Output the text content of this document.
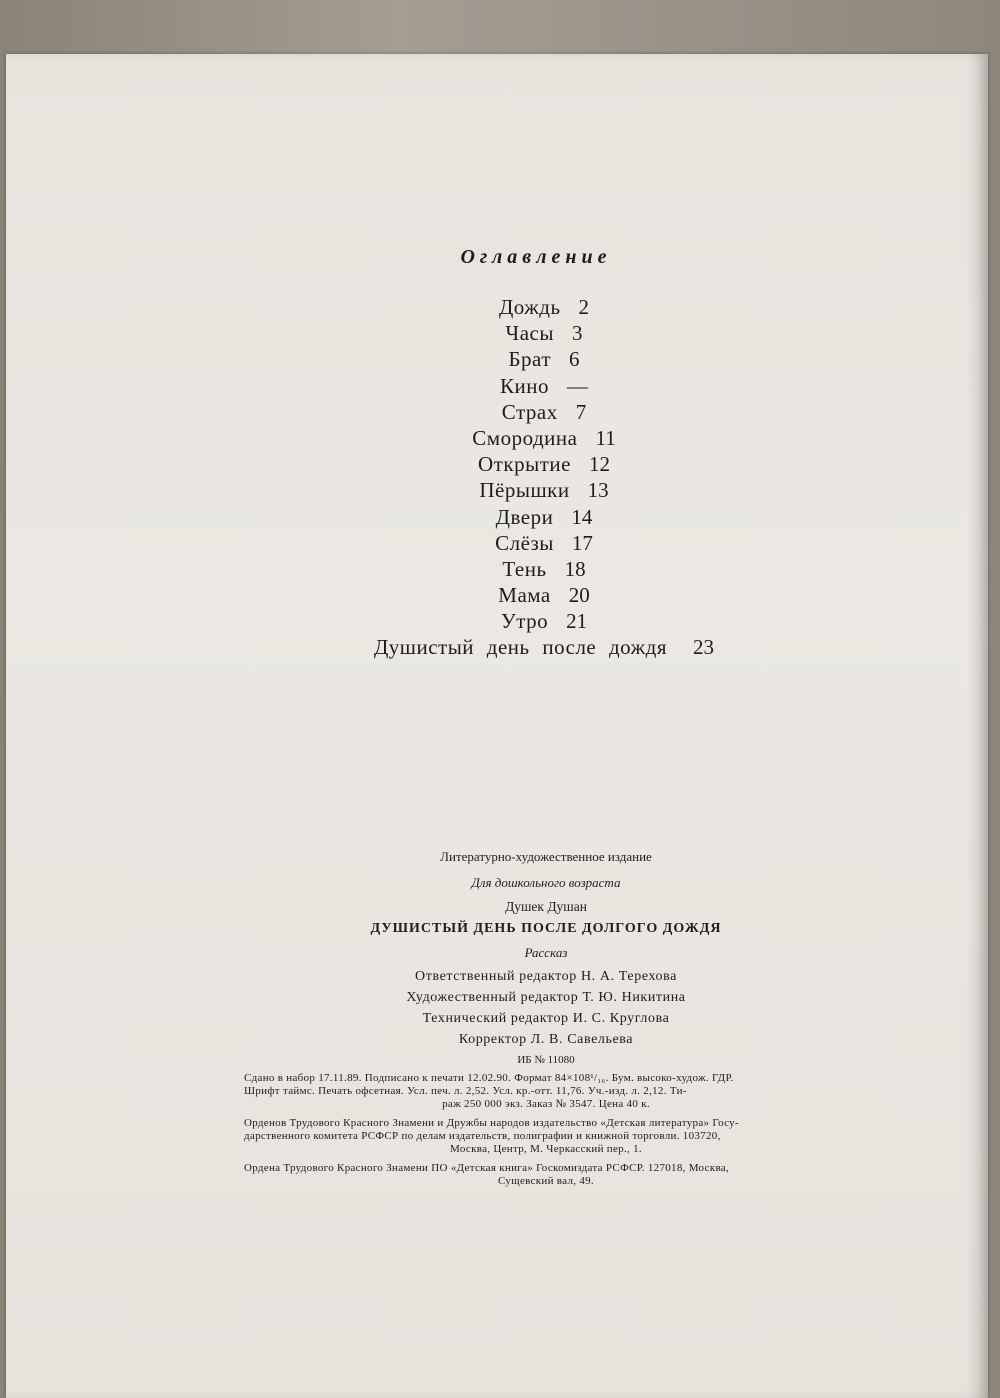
Оглавление
Дождь 2
Часы 3
Брат 6
Кино —
Страх 7
Смородина 11
Открытие 12
Пёрышки 13
Двери 14
Слёзы 17
Тень 18
Мама 20
Утро 21
Душистый день после дождя 23

Литературно-художественное издание

Для дошкольного возраста

Душек Душан

ДУШИСТЫЙ ДЕНЬ ПОСЛЕ ДОЛГОГО ДОЖДЯ

Рассказ

Ответственный редактор Н. А. Терехова

Художественный редактор Т. Ю. Никитина

Технический редактор И. С. Круглова

Корректор Л. В. Савельева

ИБ № 11080

Сдано в набор 17.11.89. Подписано к печати 12.02.90. Формат 84×108¹/₁₆. Бум. высоко-худож. ГДР.
Шрифт таймс. Печать офсетная. Усл. печ. л. 2,52. Усл. кр.-отт. 11,76. Уч.-изд. л. 2,12. Ти-
раж 250 000 экз. Заказ № 3547. Цена 40 к.
Орденов Трудового Красного Знамени и Дружбы народов издательство «Детская литература» Госу-
дарственного комитета РСФСР по делам издательств, полиграфии и книжной торговли. 103720,
Москва, Центр, М. Черкасский пер., 1.
Ордена Трудового Красного Знамени ПО «Детская книга» Госкомиздата РСФСР. 127018, Москва,
Сущевский вал, 49.
